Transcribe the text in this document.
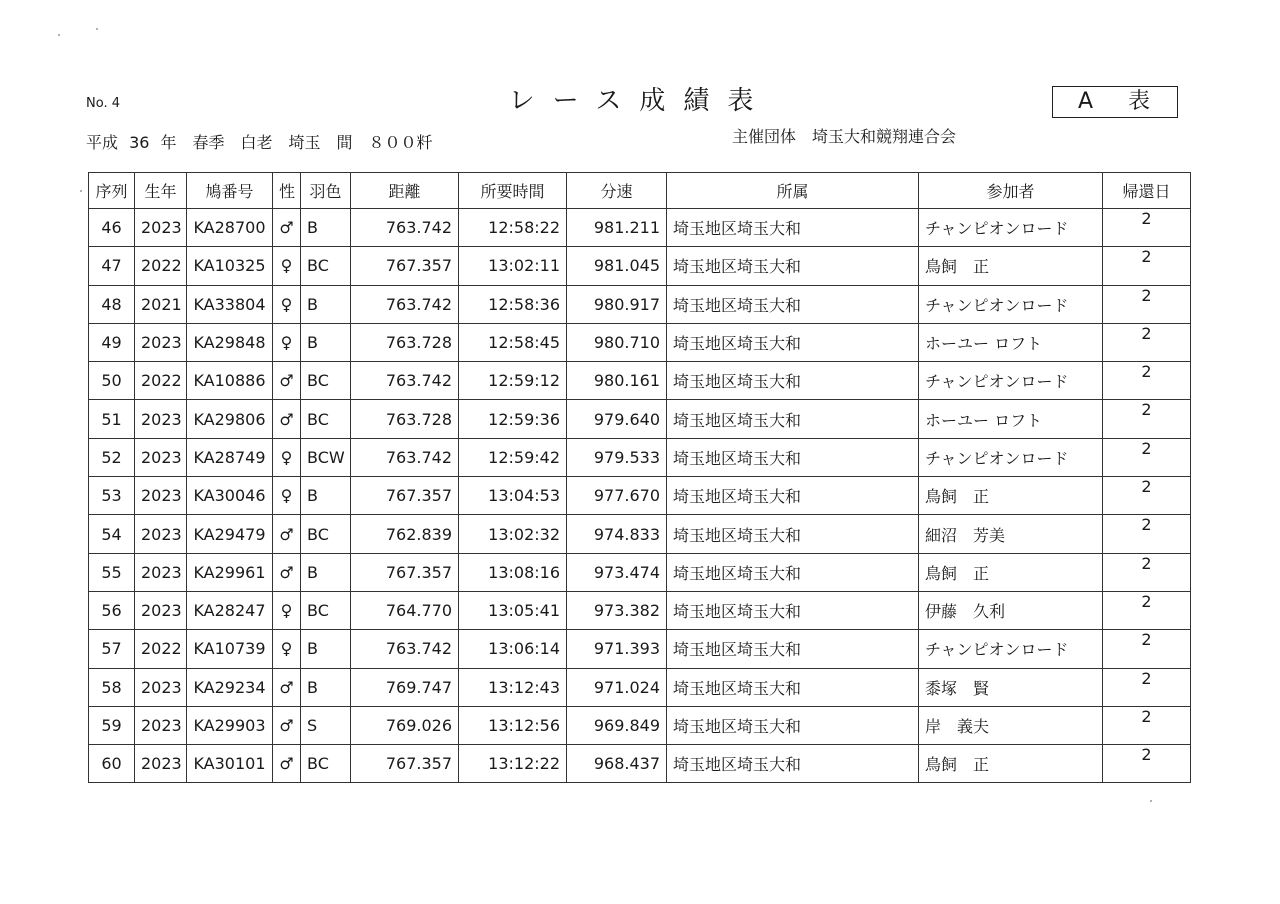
No. 4	レース成績表	A 表
平成 36 年　春季　白老　埼玉　間　８００粁	主催団体　埼玉大和競翔連合会
序列	生年	鳩番号	性	羽色	距離	所要時間	分速	所属	参加者	帰還日
46	2023	KA28700	♂	B	763.742	12:58:22	981.211	埼玉地区埼玉大和	チャンピオンロード	2
47	2022	KA10325	♀	BC	767.357	13:02:11	981.045	埼玉地区埼玉大和	鳥飼　正	2
48	2021	KA33804	♀	B	763.742	12:58:36	980.917	埼玉地区埼玉大和	チャンピオンロード	2
49	2023	KA29848	♀	B	763.728	12:58:45	980.710	埼玉地区埼玉大和	ホーユー ロフト	2
50	2022	KA10886	♂	BC	763.742	12:59:12	980.161	埼玉地区埼玉大和	チャンピオンロード	2
51	2023	KA29806	♂	BC	763.728	12:59:36	979.640	埼玉地区埼玉大和	ホーユー ロフト	2
52	2023	KA28749	♀	BCW	763.742	12:59:42	979.533	埼玉地区埼玉大和	チャンピオンロード	2
53	2023	KA30046	♀	B	767.357	13:04:53	977.670	埼玉地区埼玉大和	鳥飼　正	2
54	2023	KA29479	♂	BC	762.839	13:02:32	974.833	埼玉地区埼玉大和	細沼　芳美	2
55	2023	KA29961	♂	B	767.357	13:08:16	973.474	埼玉地区埼玉大和	鳥飼　正	2
56	2023	KA28247	♀	BC	764.770	13:05:41	973.382	埼玉地区埼玉大和	伊藤　久利	2
57	2022	KA10739	♀	B	763.742	13:06:14	971.393	埼玉地区埼玉大和	チャンピオンロード	2
58	2023	KA29234	♂	B	769.747	13:12:43	971.024	埼玉地区埼玉大和	黍塚　賢	2
59	2023	KA29903	♂	S	769.026	13:12:56	969.849	埼玉地区埼玉大和	岸　義夫	2
60	2023	KA30101	♂	BC	767.357	13:12:22	968.437	埼玉地区埼玉大和	鳥飼　正	2
